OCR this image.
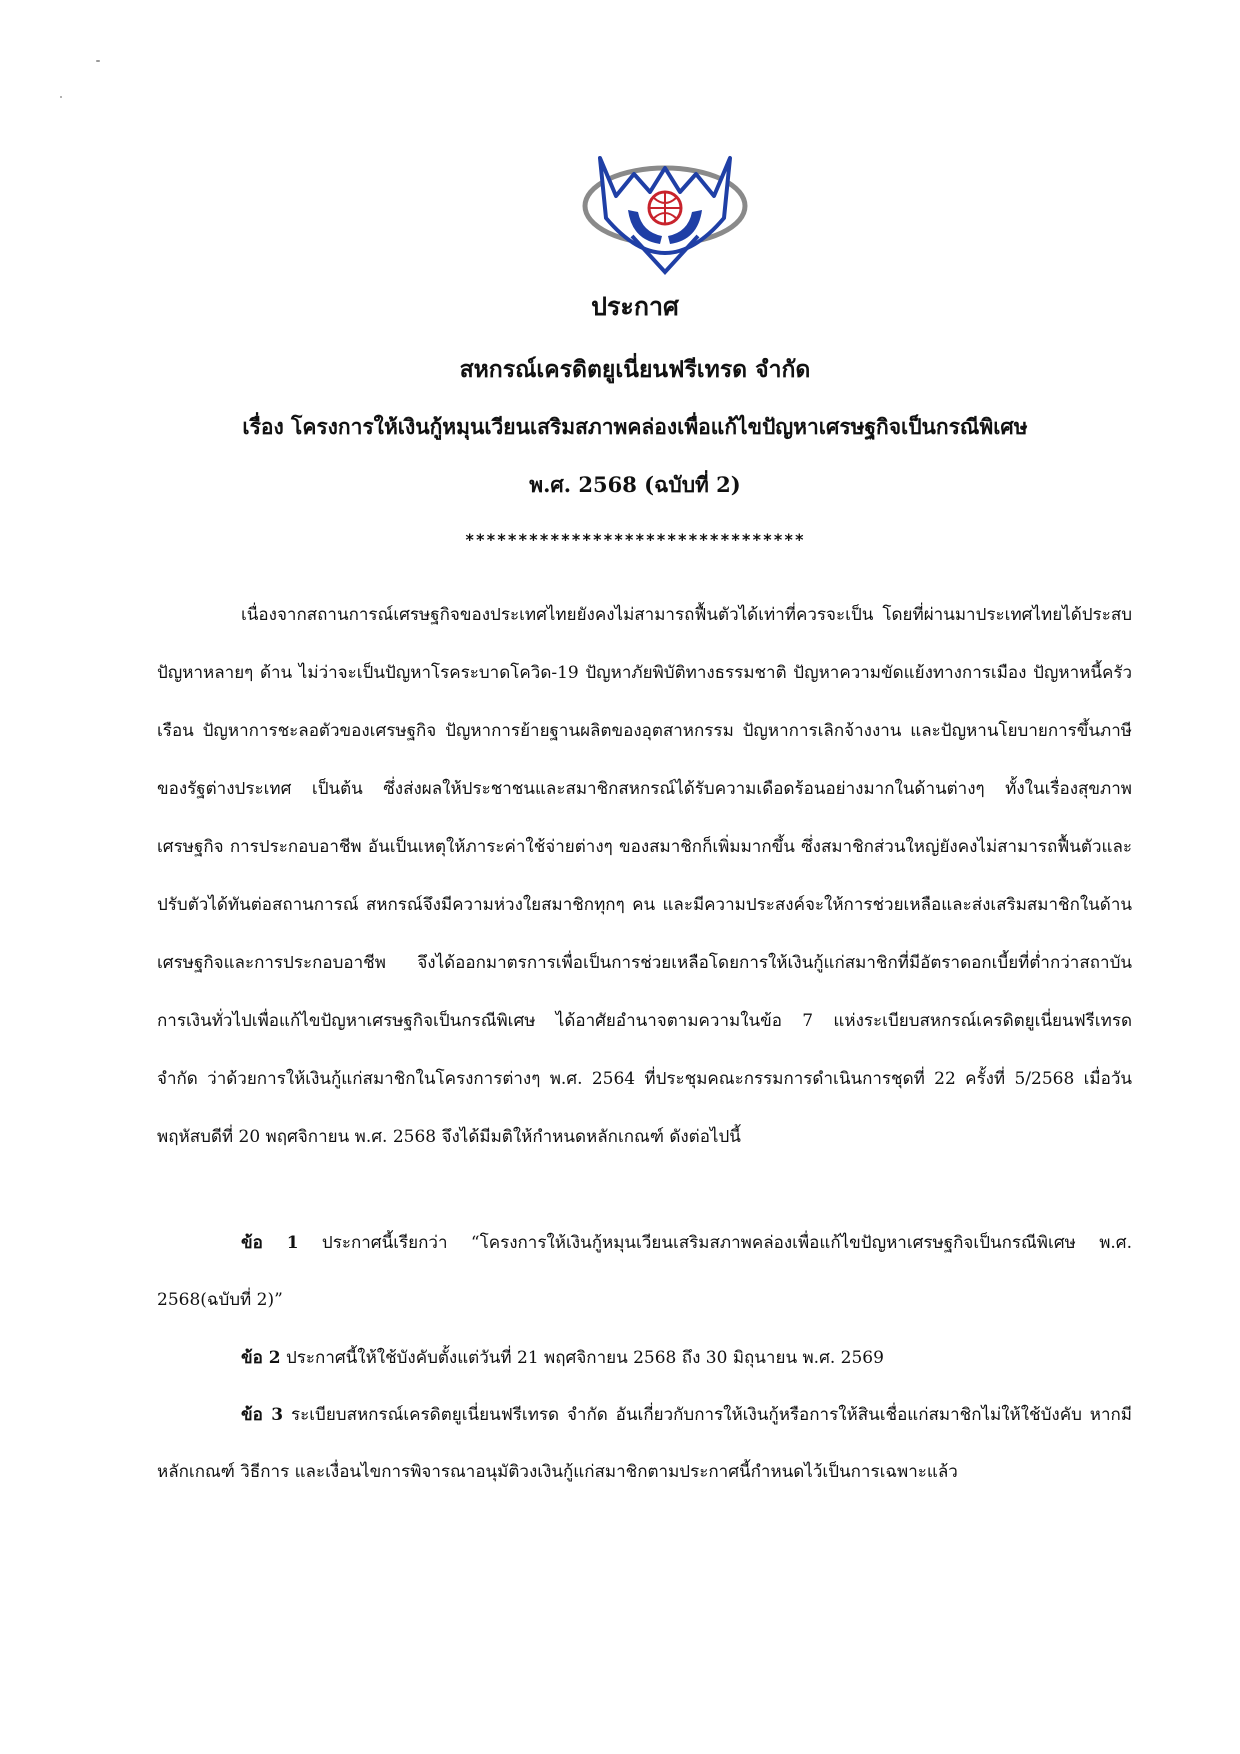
ประกาศ
สหกรณ์เครดิตยูเนี่ยนฟรีเทรด จำกัด
เรื่อง โครงการให้เงินกู้หมุนเวียนเสริมสภาพคล่องเพื่อแก้ไขปัญหาเศรษฐกิจเป็นกรณีพิเศษ
พ.ศ. 2568 (ฉบับที่ 2)
********************************

เนื่องจากสถานการณ์เศรษฐกิจของประเทศไทยยังคงไม่สามารถฟื้นตัวได้เท่าที่ควรจะเป็น โดยที่ผ่านมาประเทศไทยได้ประสบปัญหาหลายๆ ด้าน ไม่ว่าจะเป็นปัญหาโรคระบาดโควิด-19 ปัญหาภัยพิบัติทางธรรมชาติ ปัญหาความขัดแย้งทางการเมือง ปัญหาหนี้ครัวเรือน ปัญหาการชะลอตัวของเศรษฐกิจ ปัญหาการย้ายฐานผลิตของอุตสาหกรรม ปัญหาการเลิกจ้างงาน และปัญหานโยบายการขึ้นภาษีของรัฐต่างประเทศ เป็นต้น ซึ่งส่งผลให้ประชาชนและสมาชิกสหกรณ์ได้รับความเดือดร้อนอย่างมากในด้านต่างๆ ทั้งในเรื่องสุขภาพ เศรษฐกิจ การประกอบอาชีพ อันเป็นเหตุให้ภาระค่าใช้จ่ายต่างๆ ของสมาชิกก็เพิ่มมากขึ้น ซึ่งสมาชิกส่วนใหญ่ยังคงไม่สามารถฟื้นตัวและปรับตัวได้ทันต่อสถานการณ์ สหกรณ์จึงมีความห่วงใยสมาชิกทุกๆ คน และมีความประสงค์จะให้การช่วยเหลือและส่งเสริมสมาชิกในด้านเศรษฐกิจและการประกอบอาชีพ จึงได้ออกมาตรการเพื่อเป็นการช่วยเหลือโดยการให้เงินกู้แก่สมาชิกที่มีอัตราดอกเบี้ยที่ต่ำกว่าสถาบันการเงินทั่วไปเพื่อแก้ไขปัญหาเศรษฐกิจเป็นกรณีพิเศษ ได้อาศัยอำนาจตามความในข้อ 7 แห่งระเบียบสหกรณ์เครดิตยูเนี่ยนฟรีเทรด จำกัด ว่าด้วยการให้เงินกู้แก่สมาชิกในโครงการต่างๆ พ.ศ. 2564 ที่ประชุมคณะกรรมการดำเนินการชุดที่ 22 ครั้งที่ 5/2568 เมื่อวันพฤหัสบดีที่ 20 พฤศจิกายน พ.ศ. 2568 จึงได้มีมติให้กำหนดหลักเกณฑ์ ดังต่อไปนี้

ข้อ 1 ประกาศนี้เรียกว่า “โครงการให้เงินกู้หมุนเวียนเสริมสภาพคล่องเพื่อแก้ไขปัญหาเศรษฐกิจเป็นกรณีพิเศษ พ.ศ. 2568(ฉบับที่ 2)”

ข้อ 2 ประกาศนี้ให้ใช้บังคับตั้งแต่วันที่ 21 พฤศจิกายน 2568 ถึง 30 มิถุนายน พ.ศ. 2569

ข้อ 3 ระเบียบสหกรณ์เครดิตยูเนี่ยนฟรีเทรด จำกัด อันเกี่ยวกับการให้เงินกู้หรือการให้สินเชื่อแก่สมาชิกไม่ให้ใช้บังคับ หากมีหลักเกณฑ์ วิธีการ และเงื่อนไขการพิจารณาอนุมัติวงเงินกู้แก่สมาชิกตามประกาศนี้กำหนดไว้เป็นการเฉพาะแล้ว
